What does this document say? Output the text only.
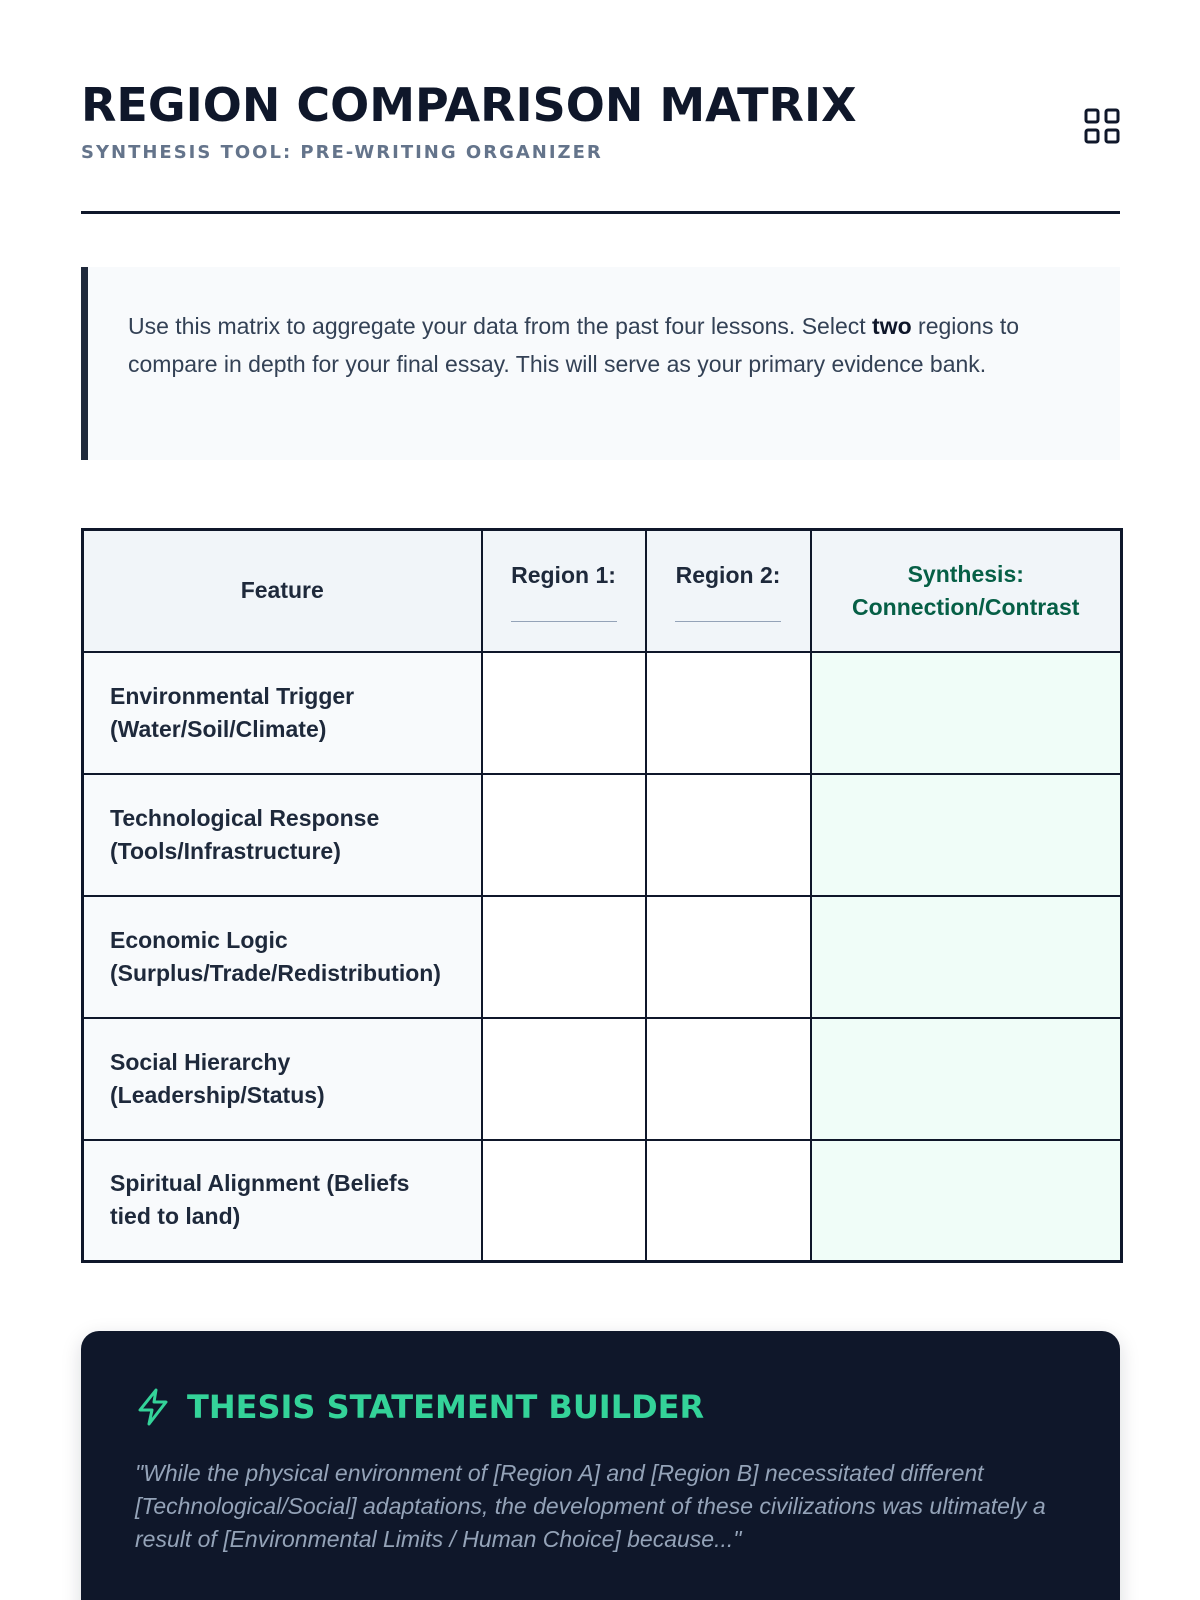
REGION COMPARISON MATRIX
SYNTHESIS TOOL: PRE-WRITING ORGANIZER

Use this matrix to aggregate your data from the past four lessons. Select two regions to compare in depth for your final essay. This will serve as your primary evidence bank.

Feature	Region 1:	Region 2:	Synthesis: Connection/Contrast
Environmental Trigger (Water/Soil/Climate)			
Technological Response (Tools/Infrastructure)			
Economic Logic (Surplus/Trade/Redistribution)			
Social Hierarchy (Leadership/Status)			
Spiritual Alignment (Beliefs tied to land)			
THESIS STATEMENT BUILDER

"While the physical environment of [Region A] and [Region B] necessitated different [Technological/Social] adaptations, the development of these civilizations was ultimately a result of [Environmental Limits / Human Choice] because..."
